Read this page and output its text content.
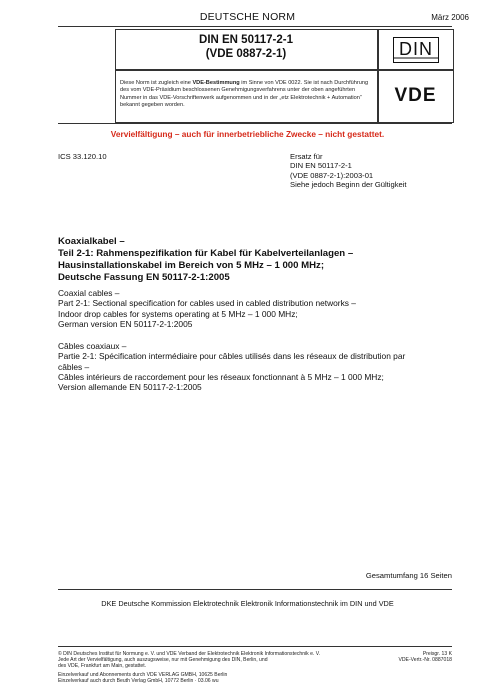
DEUTSCHE NORM	März 2006
DIN EN 50117-2-1
(VDE 0887-2-1)	DIN
Diese Norm ist zugleich eine VDE-Bestimmung im Sinne von VDE 0022. Sie ist nach Durchführung des vom VDE-Präsidium beschlossenen Genehmigungsverfahrens unter der oben angeführten Nummer in das VDE-Vorschriftenwerk aufgenommen und in der „etz Elektrotechnik + Automation“ bekannt gegeben worden.	VDE
Vervielfältigung – auch für innerbetriebliche Zwecke – nicht gestattet.
ICS 33.120.10	Ersatz für
DIN EN 50117-2-1
(VDE 0887-2-1):2003-01
Siehe jedoch Beginn der Gültigkeit
Koaxialkabel –
Teil 2-1: Rahmenspezifikation für Kabel für Kabelverteilanlagen –
Hausinstallationskabel im Bereich von 5 MHz – 1 000 MHz;
Deutsche Fassung EN 50117-2-1:2005
Coaxial cables –
Part 2-1: Sectional specification for cables used in cabled distribution networks –
Indoor drop cables for systems operating at 5 MHz – 1 000 MHz;
German version EN 50117-2-1:2005
Câbles coaxiaux –
Partie 2-1: Spécification intermédiaire pour câbles utilisés dans les réseaux de distribution par
câbles –
Câbles intérieurs de raccordement pour les réseaux fonctionnant à 5 MHz – 1 000 MHz;
Version allemande EN 50117-2-1:2005
Gesamtumfang 16 Seiten
DKE Deutsche Kommission Elektrotechnik Elektronik Informationstechnik im DIN und VDE
© DIN Deutsches Institut für Normung e. V. und VDE Verband der Elektrotechnik Elektronik Informationstechnik e. V.
Jede Art der Vervielfältigung, auch auszugsweise, nur mit Genehmigung des DIN, Berlin, und
des VDE, Frankfurt am Main, gestattet.
Preisgr. 13 K
VDE-Vertr.-Nr. 0887018
Einzelverkauf und Abonnements durch VDE VERLAG GMBH, 10625 Berlin
Einzelverkauf auch durch Beuth Verlag GmbH, 10772 Berlin · 03.06 wu
